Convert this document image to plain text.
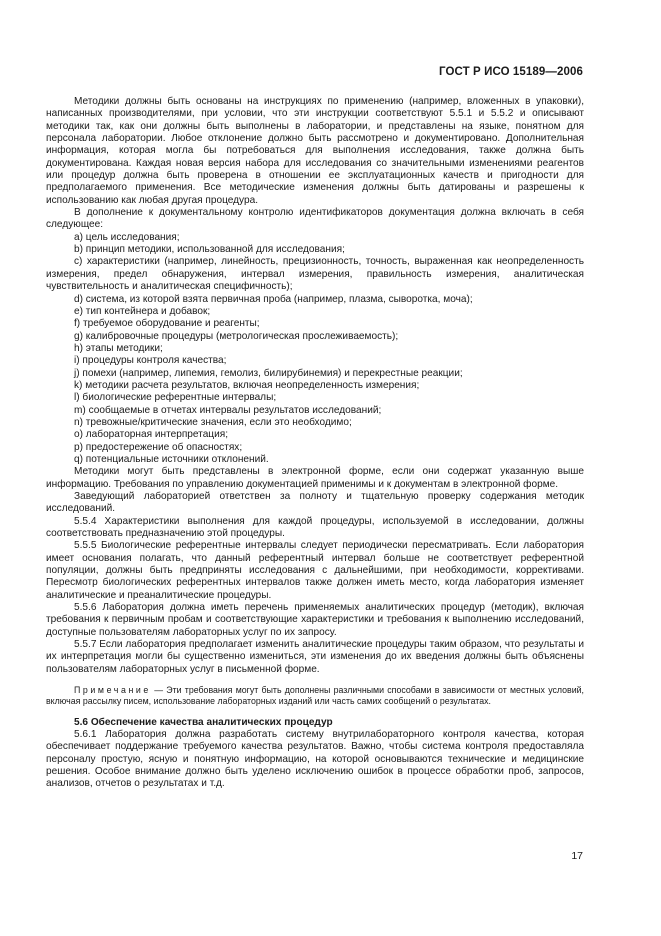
ГОСТ Р ИСО 15189—2006

Методики должны быть основаны на инструкциях по применению (например, вложенных в упаковки), написанных производителями, при условии, что эти инструкции соответствуют 5.5.1 и 5.5.2 и описывают методики так, как они должны быть выполнены в лаборатории, и представлены на языке, понятном для персонала лаборатории. Любое отклонение должно быть рассмотрено и документировано. Дополнительная информация, которая могла бы потребоваться для выполнения исследования, также должна быть документирована. Каждая новая версия набора для исследования со значительными изменениями реагентов или процедур должна быть проверена в отношении ее эксплуатационных качеств и пригодности для предполагаемого применения. Все методические изменения должны быть датированы и разрешены к использованию как любая другая процедура.

В дополнение к документальному контролю идентификаторов документация должна включать в себя следующее:

a) цель исследования;

b) принцип методики, использованной для исследования;

c) характеристики (например, линейность, прецизионность, точность, выраженная как неопределенность измерения, предел обнаружения, интервал измерения, правильность измерения, аналитическая чувствительность и аналитическая специфичность);

d) система, из которой взята первичная проба (например, плазма, сыворотка, моча);

e) тип контейнера и добавок;

f) требуемое оборудование и реагенты;

g) калибровочные процедуры (метрологическая прослеживаемость);

h) этапы методики;

i) процедуры контроля качества;

j) помехи (например, липемия, гемолиз, билирубинемия) и перекрестные реакции;

k) методики расчета результатов, включая неопределенность измерения;

l) биологические референтные интервалы;

m) сообщаемые в отчетах интервалы результатов исследований;

n) тревожные/критические значения, если это необходимо;

o) лабораторная интерпретация;

p) предостережение об опасностях;

q) потенциальные источники отклонений.

Методики могут быть представлены в электронной форме, если они содержат указанную выше информацию. Требования по управлению документацией применимы и к документам в электронной форме.

Заведующий лабораторией ответствен за полноту и тщательную проверку содержания методик исследований.

5.5.4 Характеристики выполнения для каждой процедуры, используемой в исследовании, должны соответствовать предназначению этой процедуры.

5.5.5 Биологические референтные интервалы следует периодически пересматривать. Если лаборатория имеет основания полагать, что данный референтный интервал больше не соответствует референтной популяции, должны быть предприняты исследования с дальнейшими, при необходимости, коррективами. Пересмотр биологических референтных интервалов также должен иметь место, когда лаборатория изменяет аналитические и преаналитические процедуры.

5.5.6 Лаборатория должна иметь перечень применяемых аналитических процедур (методик), включая требования к первичным пробам и соответствующие характеристики и требования к выполнению исследований, доступные пользователям лабораторных услуг по их запросу.

5.5.7 Если лаборатория предполагает изменить аналитические процедуры таким образом, что результаты и их интерпретация могли бы существенно измениться, эти изменения до их введения должны быть объяснены пользователям лабораторных услуг в письменной форме.

Примечание — Эти требования могут быть дополнены различными способами в зависимости от местных условий, включая рассылку писем, использование лабораторных изданий или часть самих сообщений о результатах.

5.6 Обеспечение качества аналитических процедур

5.6.1 Лаборатория должна разработать систему внутрилабораторного контроля качества, которая обеспечивает поддержание требуемого качества результатов. Важно, чтобы система контроля предоставляла персоналу простую, ясную и понятную информацию, на которой основываются технические и медицинские решения. Особое внимание должно быть уделено исключению ошибок в процессе обработки проб, запросов, анализов, отчетов о результатах и т.д.

17
